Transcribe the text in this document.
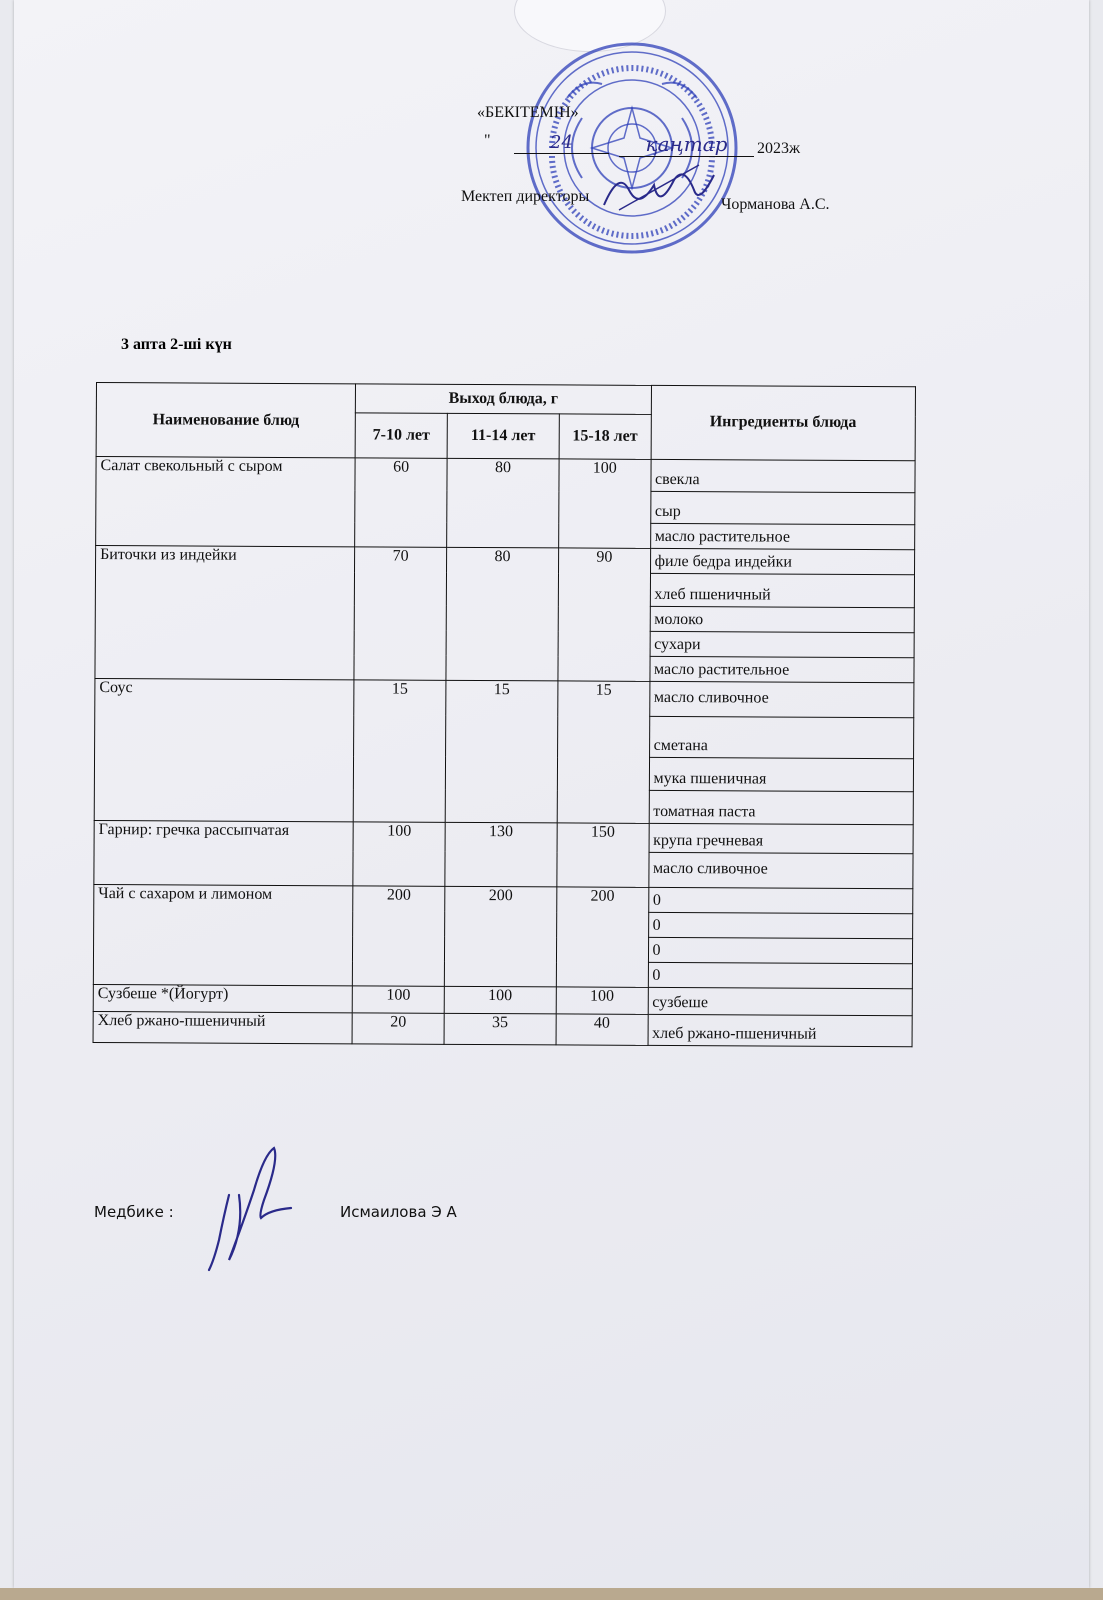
«БЕКІТЕМІН»
"	24	қаңтар	2023ж
Мектеп директоры	Чорманова А.С.
3 апта 2-ші күн
Наименование блюд	Выход блюда, г			Ингредиенты блюда
	7-10 лет	11-14 лет	15-18 лет	
Салат свекольный с сыром	60	80	100	свекла
				сыр
				масло растительное
Биточки из индейки	70	80	90	филе бедра индейки
				хлеб пшеничный
				молоко
				сухари
				масло растительное
Соус	15	15	15	масло сливочное
				сметана
				мука пшеничная
				томатная паста
Гарнир: гречка рассыпчатая	100	130	150	крупа гречневая
				масло сливочное
Чай с сахаром и лимоном	200	200	200	0
				0
				0
				0
Сузбеше *(Йогурт)	100	100	100	сузбеше
Хлеб ржано-пшеничный	20	35	40	хлеб ржано-пшеничный
Медбике :	Исмаилова Э А
